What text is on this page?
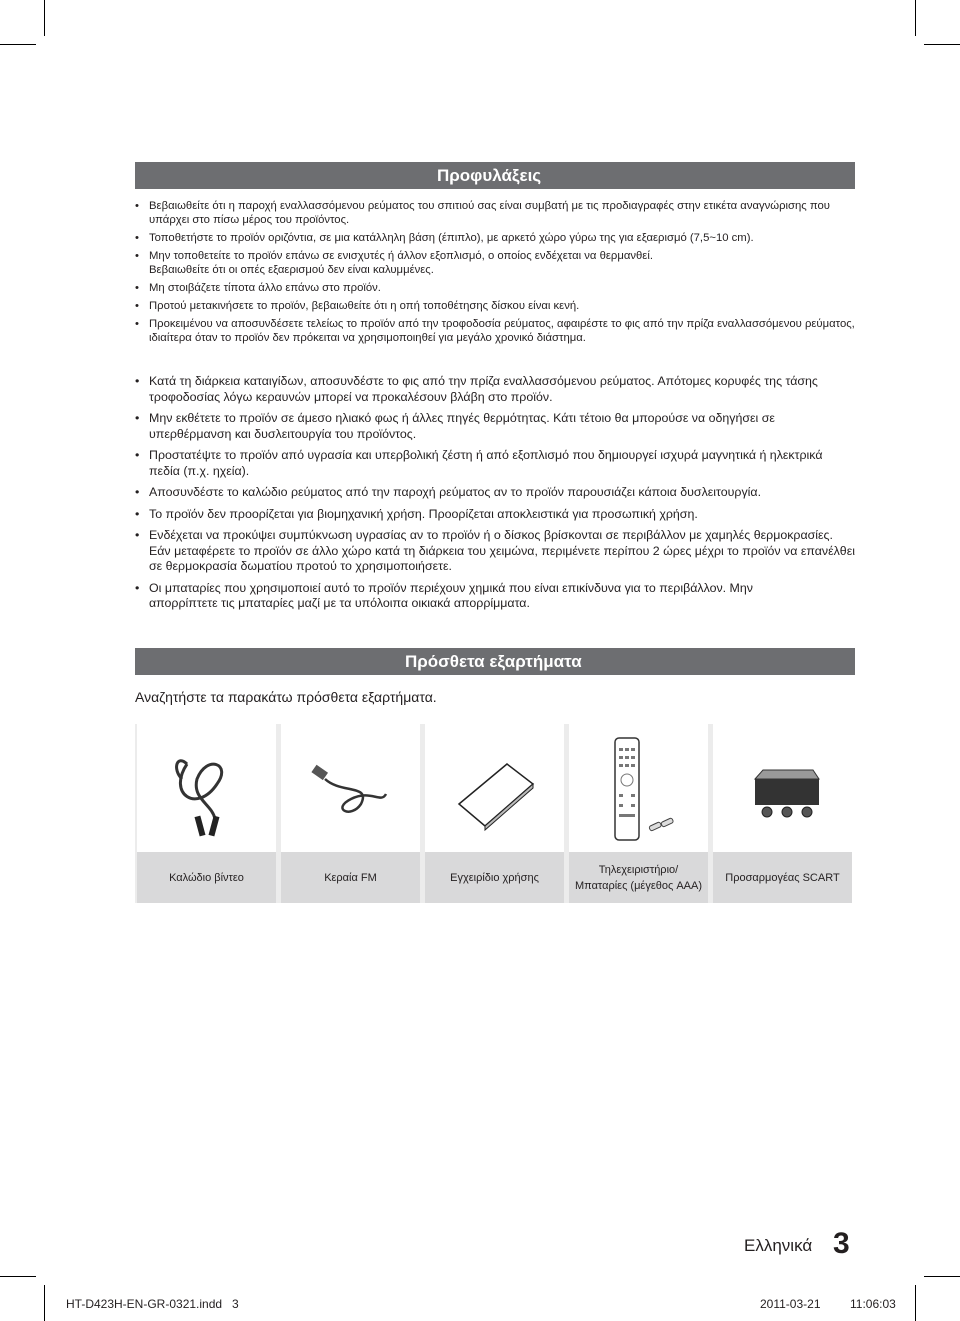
Προφυλάξεις
• Βεβαιωθείτε ότι η παροχή εναλλασσόμενου ρεύματος του σπιτιού σας είναι συμβατή με τις προδιαγραφές στην ετικέτα αναγνώρισης που υπάρχει στο πίσω μέρος του προϊόντος.
• Τοποθετήστε το προϊόν οριζόντια, σε μια κατάλληλη βάση (έπιπλο), με αρκετό χώρο γύρω της για εξαερισμό (7,5~10 cm).
• Μην τοποθετείτε το προϊόν επάνω σε ενισχυτές ή άλλον εξοπλισμό, ο οποίος ενδέχεται να θερμανθεί. Βεβαιωθείτε ότι οι οπές εξαερισμού δεν είναι καλυμμένες.
• Μη στοιβάζετε τίποτα άλλο επάνω στο προϊόν.
• Προτού μετακινήσετε το προϊόν, βεβαιωθείτε ότι η οπή τοποθέτησης δίσκου είναι κενή.
• Προκειμένου να αποσυνδέσετε τελείως το προϊόν από την τροφοδοσία ρεύματος, αφαιρέστε το φις από την πρίζα εναλλασσόμενου ρεύματος, ιδιαίτερα όταν το προϊόν δεν πρόκειται να χρησιμοποιηθεί για μεγάλο χρονικό διάστημα.
• Κατά τη διάρκεια καταιγίδων, αποσυνδέστε το φις από την πρίζα εναλλασσόμενου ρεύματος. Απότομες κορυφές της τάσης τροφοδοσίας λόγω κεραυνών μπορεί να προκαλέσουν βλάβη στο προϊόν.
• Μην εκθέτετε το προϊόν σε άμεσο ηλιακό φως ή άλλες πηγές θερμότητας. Κάτι τέτοιο θα μπορούσε να οδηγήσει σε υπερθέρμανση και δυσλειτουργία του προϊόντος.
• Προστατέψτε το προϊόν από υγρασία και υπερβολική ζέστη ή από εξοπλισμό που δημιουργεί ισχυρά μαγνητικά ή ηλεκτρικά πεδία (π.χ. ηχεία).
• Αποσυνδέστε το καλώδιο ρεύματος από την παροχή ρεύματος αν το προϊόν παρουσιάζει κάποια δυσλειτουργία.
• Το προϊόν δεν προορίζεται για βιομηχανική χρήση. Προορίζεται αποκλειστικά για προσωπική χρήση.
• Ενδέχεται να προκύψει συμπύκνωση υγρασίας αν το προϊόν ή ο δίσκος βρίσκονται σε περιβάλλον με χαμηλές θερμοκρασίες. Εάν μεταφέρετε το προϊόν σε άλλο χώρο κατά τη διάρκεια του χειμώνα, περιμένετε περίπου 2 ώρες μέχρι το προϊόν να επανέλθει σε θερμοκρασία δωματίου προτού το χρησιμοποιήσετε.
• Οι μπαταρίες που χρησιμοποιεί αυτό το προϊόν περιέχουν χημικά που είναι επικίνδυνα για το περιβάλλον. Μην απορρίπτετε τις μπαταρίες μαζί με τα υπόλοιπα οικιακά απορρίμματα.
Πρόσθετα εξαρτήματα
Αναζητήστε τα παρακάτω πρόσθετα εξαρτήματα.
Καλώδιο βίντεο	Κεραία FM	Εγχειρίδιο χρήσης
Τηλεχειριστήριο/Μπαταρίες (μέγεθος AAA)
Προσαρμογέας SCART
Ελληνικά 3
HT-D423H-EN-GR-0321.indd   3	2011-03-21 11:06:03
